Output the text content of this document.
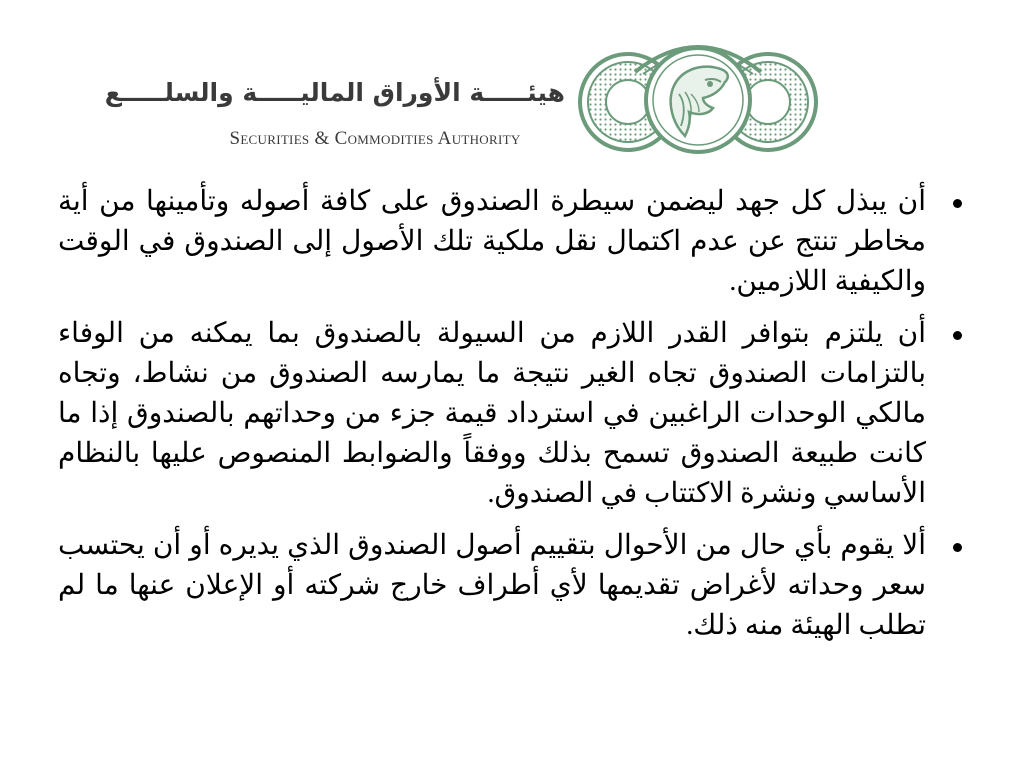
هيئـــــة الأوراق الماليـــــة والسلـــــع
Securities & Commodities Authority
أن يبذل كل جهد ليضمن سيطرة الصندوق على كافة أصوله وتأمينها من أية مخاطر تنتج عن عدم اكتمال نقل ملكية تلك الأصول إلى الصندوق في الوقت والكيفية اللازمين.
أن يلتزم بتوافر القدر اللازم من السيولة بالصندوق بما يمكنه من الوفاء بالتزامات الصندوق تجاه الغير نتيجة ما يمارسه الصندوق من نشاط، وتجاه مالكي الوحدات الراغبين في استرداد قيمة جزء من وحداتهم بالصندوق إذا ما كانت طبيعة الصندوق تسمح بذلك ووفقاً والضوابط المنصوص عليها بالنظام الأساسي ونشرة الاكتتاب في الصندوق.
ألا يقوم بأي حال من الأحوال بتقييم أصول الصندوق الذي يديره أو أن يحتسب سعر وحداته لأغراض تقديمها لأي أطراف خارج شركته أو الإعلان عنها ما لم تطلب الهيئة منه ذلك.
